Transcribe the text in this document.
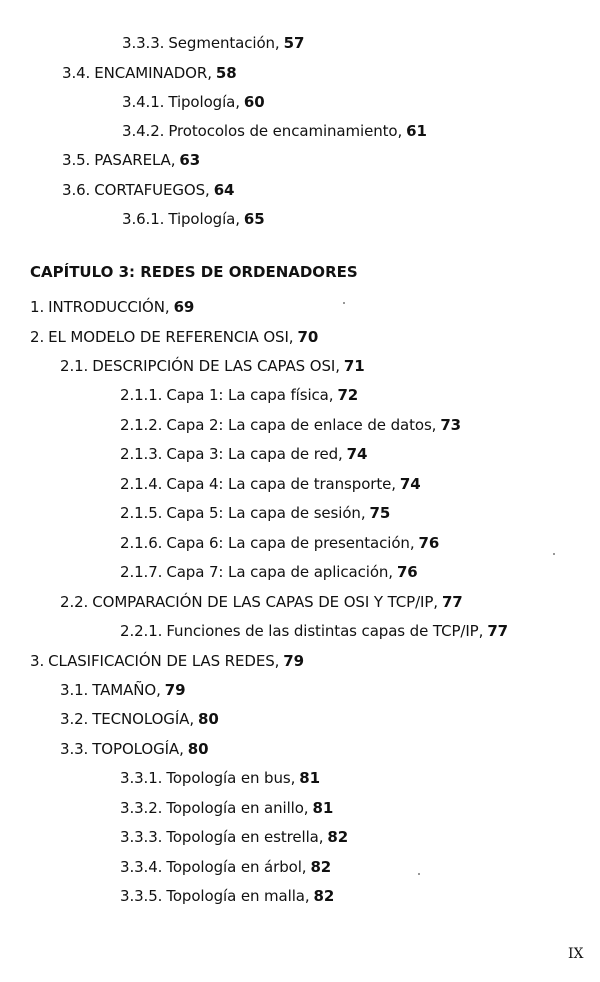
3.3.3. Segmentación, 57
3.4. ENCAMINADOR, 58
3.4.1. Tipología, 60
3.4.2. Protocolos de encaminamiento, 61
3.5. PASARELA, 63
3.6. CORTAFUEGOS, 64
3.6.1. Tipología, 65
CAPÍTULO 3: REDES DE ORDENADORES
1. INTRODUCCIÓN, 69
2. EL MODELO DE REFERENCIA OSI, 70
2.1. DESCRIPCIÓN DE LAS CAPAS OSI, 71
2.1.1. Capa 1: La capa física, 72
2.1.2. Capa 2: La capa de enlace de datos, 73
2.1.3. Capa 3: La capa de red, 74
2.1.4. Capa 4: La capa de transporte, 74
2.1.5. Capa 5: La capa de sesión, 75
2.1.6. Capa 6: La capa de presentación, 76
2.1.7. Capa 7: La capa de aplicación, 76
2.2. COMPARACIÓN DE LAS CAPAS DE OSI Y TCP/IP, 77
2.2.1. Funciones de las distintas capas de TCP/IP, 77
3. CLASIFICACIÓN DE LAS REDES, 79
3.1. TAMAÑO, 79
3.2. TECNOLOGÍA, 80
3.3. TOPOLOGÍA, 80
3.3.1. Topología en bus, 81
3.3.2. Topología en anillo, 81
3.3.3. Topología en estrella, 82
3.3.4. Topología en árbol, 82
3.3.5. Topología en malla, 82
IX
